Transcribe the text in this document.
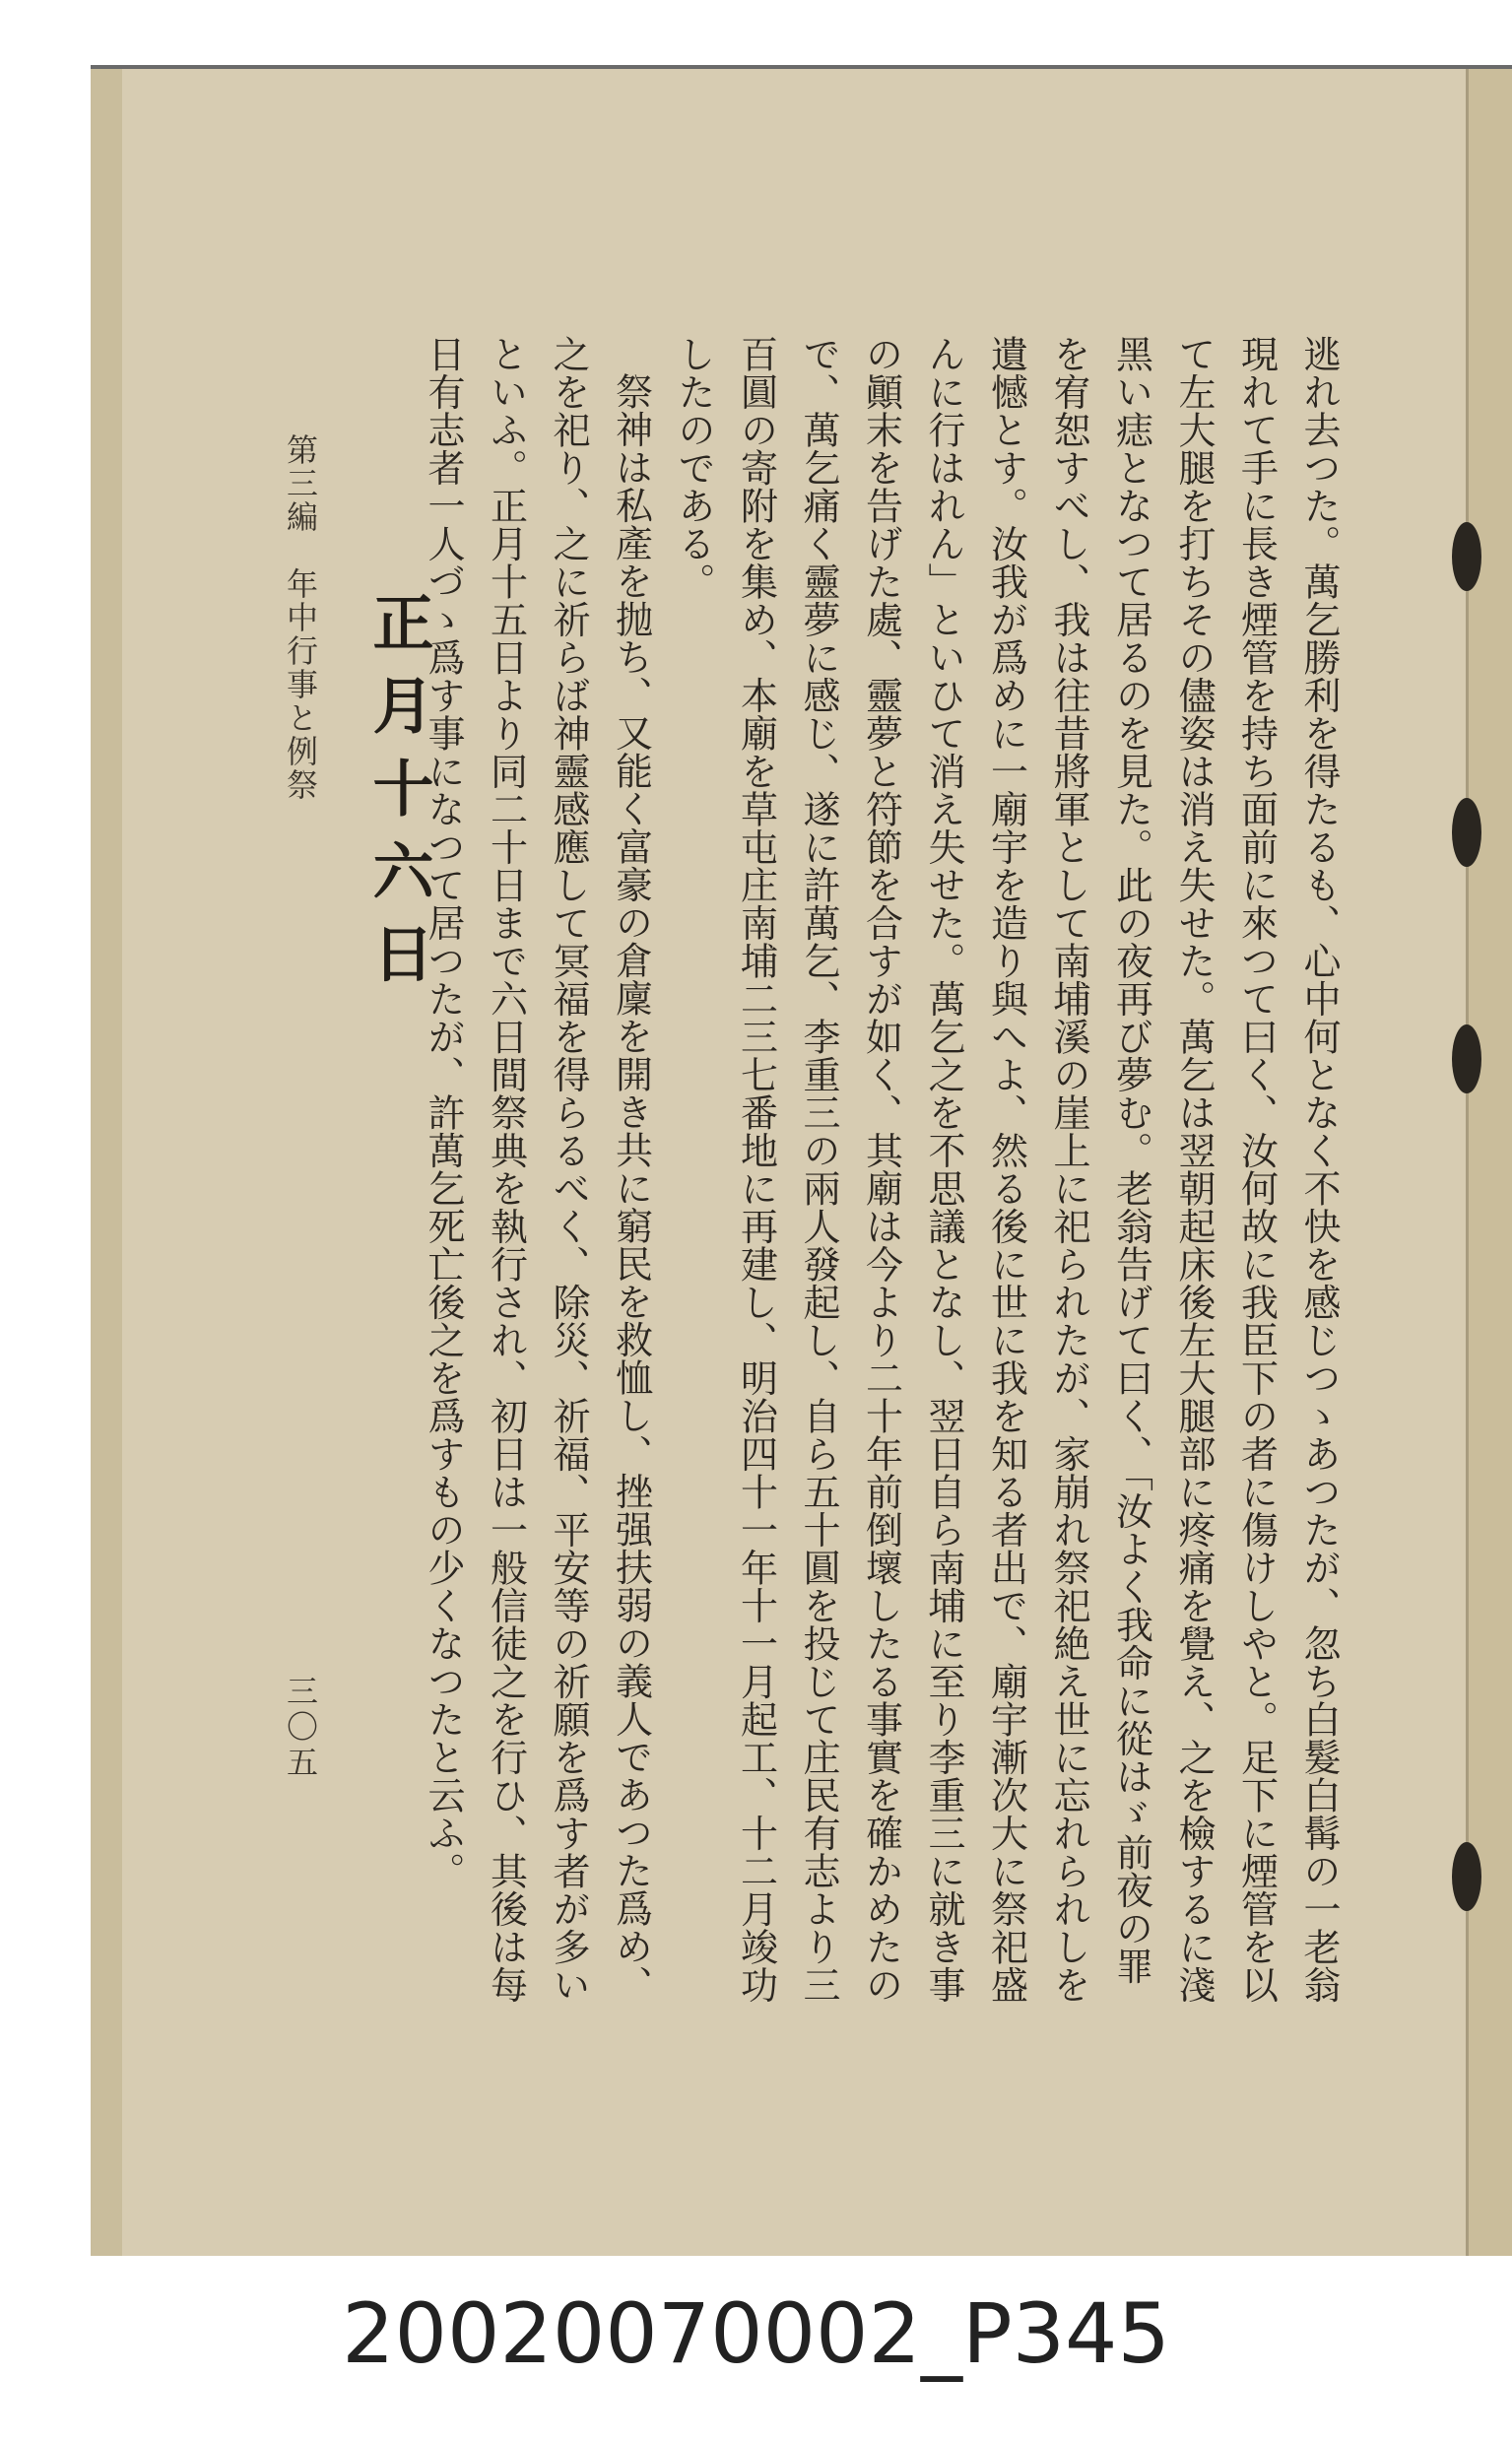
逃れ去つた。萬乞勝利を得たるも、心中何となく不快を感じつゝあつたが、忽ち白髮白髯の一老翁現れて手に長き煙管を持ち面前に來つて曰く、汝何故に我臣下の者に傷けしやと。足下に煙管を以て左大腿を打ちその儘姿は消え失せた。萬乞は翌朝起床後左大腿部に疼痛を覺え、之を檢するに淺黑い痣となつて居るのを見た。此の夜再び夢む。老翁告げて曰く、「汝よく我命に從はゞ前夜の罪を宥恕すべし、我は往昔將軍として南埔溪の崖上に祀られたが、家崩れ祭祀絶え世に忘れられしを遺憾とす。汝我が爲めに一廟宇を造り與へよ、然る後に世に我を知る者出で、廟宇漸次大に祭祀盛んに行はれん」といひて消え失せた。萬乞之を不思議となし、翌日自ら南埔に至り李重三に就き事の顚末を告げた處、靈夢と符節を合すが如く、其廟は今より二十年前倒壞したる事實を確かめたので、萬乞痛く靈夢に感じ、遂に許萬乞、李重三の兩人發起し、自ら五十圓を投じて庄民有志より三百圓の寄附を集め、本廟を草屯庄南埔二三七番地に再建し、明治四十一年十一月起工、十二月竣功したのである。

祭神は私產を抛ち、又能く富豪の倉廩を開き共に窮民を救恤し、挫强扶弱の義人であつた爲め、之を祀り、之に祈らば神靈感應して冥福を得らるべく、除災、祈福、平安等の祈願を爲す者が多いといふ。正月十五日より同二十日まで六日間祭典を執行され、初日は一般信徒之を行ひ、其後は每日有志者一人づゝ爲す事になつて居つたが、許萬乞死亡後之を爲すもの少くなつたと云ふ。

正月十六日
第三編　年中行事と例祭
三〇五
20020070002_P345
